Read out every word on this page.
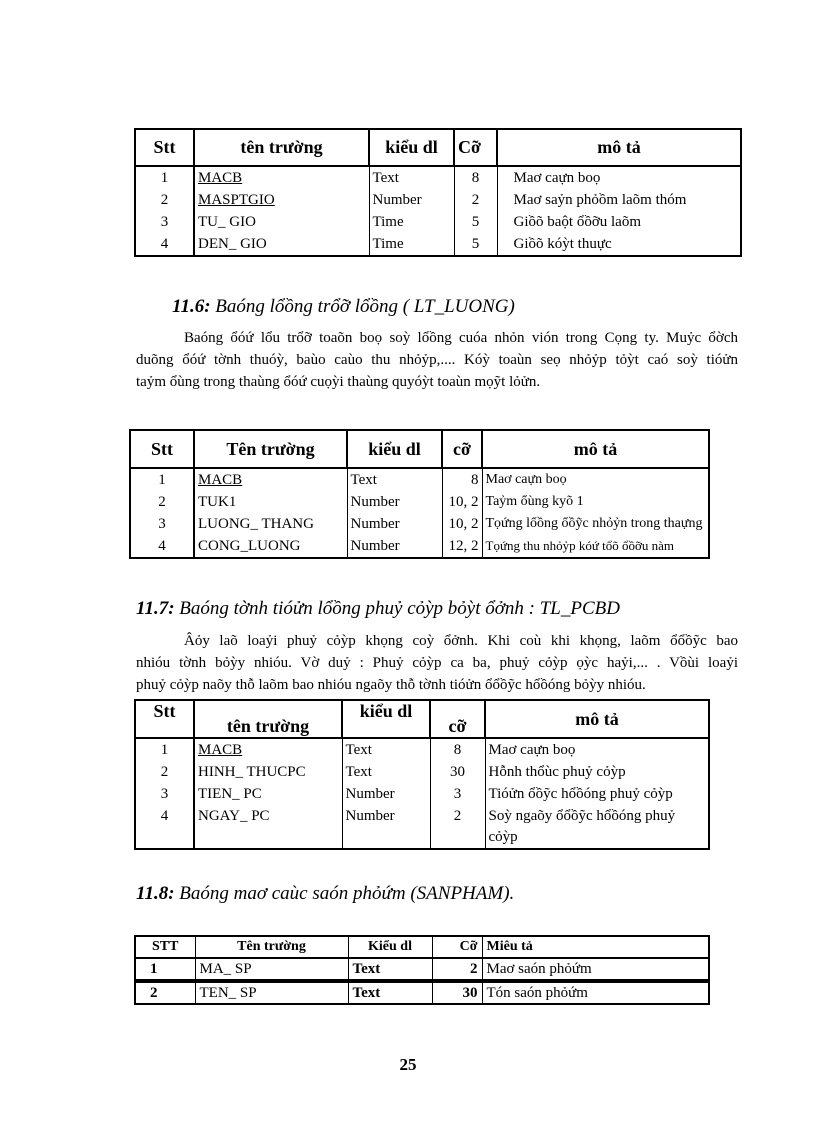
Stt	tên trường	kiểu dl	Cỡ	mô tả
1	MACB	Text	8	Maơ caựn boọ
2	MASPTGIO	Number	2	Maơ saỷn phỏồm laõm thóm
3	TU_ GIO	Time	5	Giồõ baột ổồỡu laõm
4	DEN_ GIO	Time	5	Giồõ kóỳt thuực
11.6: Baóng lổồng trổỡ lổồng ( LT_LUONG)
Baóng ổóứ lổu trổỡ toaõn boọ soỳ lổồng cuóa nhỏn vión trong Cọng ty. Muỷc ổờch
duõng ổóứ tờnh thuóỳ, baùo caùo thu nhỏỷp,.... Kóỳ toaùn seọ nhỏỷp tỏỳt caó soỳ tióửn
taỷm ổùng trong thaùng ổóứ cuọỳi thaùng quyóỳt toaùn mọỹt lỏửn.
Stt	Tên trường	kiểu dl	cỡ	mô tả
1	MACB	Text	8	Maơ caựn boọ
2	TUK1	Number	10, 2	Taỷm ổùng kyõ 1
3	LUONG_ THANG	Number	10, 2	Tọứng lổồng ổồỹc nhỏỷn trong thaựng
4	CONG_LUONG	Number	12, 2	Tọứng thu nhỏỷp kóứ tổõ ổồỡu nàm
11.7: Baóng tờnh tióửn lổồng phuỷ cỏỳp bỏỳt ổởnh : TL_PCBD
Âỏy laõ loaỷi phuỷ cỏỳp khọng coỳ ổởnh. Khi coù khi khọng, laõm ổổồỹc bao
nhióu tờnh bỏỳy nhióu. Vờ duỷ : Phuỷ cỏỳp ca ba, phuỷ cỏỳp ọỳc haỷi,... . Vồùi loaỷi
phuỷ cỏỳp naõy thỗ laõm bao nhióu ngaõy thỗ tờnh tióửn ổổồỹc hổồóng bỏỳy nhióu.
Stt	tên trường	kiểu dl	cỡ	mô tả
1	MACB	Text	8	Maơ caựn boọ
2	HINH_ THUCPC	Text	30	Hỗnh thổùc phuỷ cỏỳp
3	TIEN_ PC	Number	3	Tióửn ổồỹc hổồóng phuỷ cỏỳp
4	NGAY_ PC	Number	2	Soỳ ngaõy ổổồỹc hổồóng phuỷ cỏỳp
11.8: Baóng maơ caùc saón phỏứm (SANPHAM).
STT	Tên trường	Kiểu dl	Cỡ	Miêu tả
1	MA_ SP	Text	2	Maơ saón phỏứm
2	TEN_ SP	Text	30	Tón saón phỏứm
25
